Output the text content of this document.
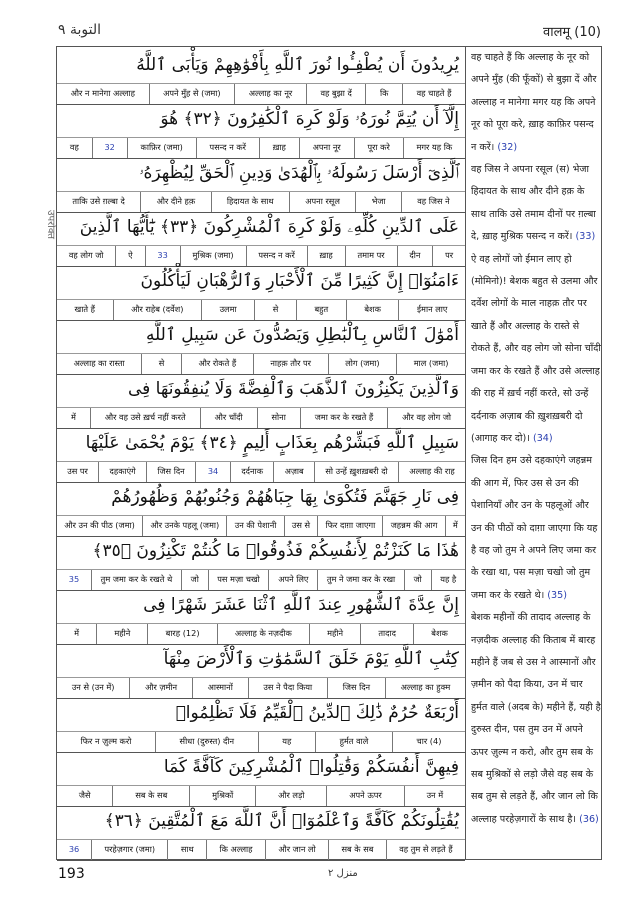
التوبة ٩	वालमू (10)
उपरोक्त
يُرِيدُونَ أَن يُطْفِـُٔوا نُورَ ٱللَّهِ بِأَفْوَٰهِهِمْ وَيَأْبَى ٱللَّهُ
वह चाहते हैं
कि
वह बुझा दें
अल्लाह का नूर
अपने मुँह से (जमा)
और न मानेगा अल्लाह
إِلَّآ أَن يُتِمَّ نُورَهُۥ وَلَوْ كَرِهَ ٱلْكَٰفِرُونَ ﴿٣٢﴾ هُوَ
मगर यह कि
पूरा करे
अपना नूर
ख़ाह
पसन्द न करें
काफ़िर (जमा)
32
वह
ٱلَّذِىٓ أَرْسَلَ رَسُولَهُۥ بِٱلْهُدَىٰ وَدِينِ ٱلْحَقِّ لِيُظْهِرَهُۥ
वह जिस ने
भेजा
अपना रसूल
हिदायत के साथ
और दीने हक़
ताकि उसे ग़ल्बा दे
عَلَى ٱلدِّينِ كُلِّهِۦ وَلَوْ كَرِهَ ٱلْمُشْرِكُونَ ﴿٣٣﴾ يَٰٓأَيُّهَا ٱلَّذِينَ
पर
दीन
तमाम पर
ख़ाह
पसन्द न करें
मुश्रिक (जमा)
33
ऐ
वह लोग जो
ءَامَنُوٓا۟ إِنَّ كَثِيرًا مِّنَ ٱلْأَحْبَارِ وَٱلرُّهْبَانِ لَيَأْكُلُونَ
ईमान लाए
बेशक
बहुत
से
उलमा
और राहेब (दर्वेश)
खाते हैं
أَمْوَٰلَ ٱلنَّاسِ بِٱلْبَٰطِلِ وَيَصُدُّونَ عَن سَبِيلِ ٱللَّهِ
माल (जमा)
लोग (जमा)
नाहक़ तौर पर
और रोकते हैं
से
अल्लाह का रास्ता
وَٱلَّذِينَ يَكْنِزُونَ ٱلذَّهَبَ وَٱلْفِضَّةَ وَلَا يُنفِقُونَهَا فِى
और वह लोग जो
जमा कर के रखते हैं
सोना
और चाँदी
और वह उसे ख़र्च नहीं करते
में
سَبِيلِ ٱللَّهِ فَبَشِّرْهُم بِعَذَابٍ أَلِيمٍ ﴿٣٤﴾ يَوْمَ يُحْمَىٰ عَلَيْهَا
अल्लाह की राह
सो उन्हें ख़ुशख़बरी दो
अज़ाब
दर्दनाक
34
जिस दिन
दहकाएंगे
उस पर
فِى نَارِ جَهَنَّمَ فَتُكْوَىٰ بِهَا جِبَاهُهُمْ وَجُنُوبُهُمْ وَظُهُورُهُمْ
में
जहन्नम की आग
फिर दाग़ा जाएगा
उस से
उन की पेशानी
और उनके पहलू (जमा)
और उन की पीठ (जमा)
هَٰذَا مَا كَنَزْتُمْ لِأَنفُسِكُمْ فَذُوقُوا۟ مَا كُنتُمْ تَكْنِزُونَ ﴿٣٥﴾
यह है
जो
तुम ने जमा कर के रखा
अपने लिए
पस मज़ा चखो
जो
तुम जमा कर के रखते थे
35
إِنَّ عِدَّةَ ٱلشُّهُورِ عِندَ ٱللَّهِ ٱثْنَا عَشَرَ شَهْرًا فِى
बेशक
तादाद
महीने
अल्लाह के नज़दीक
बारह (12)
महीने
में
كِتَٰبِ ٱللَّهِ يَوْمَ خَلَقَ ٱلسَّمَٰوَٰتِ وَٱلْأَرْضَ مِنْهَآ
अल्लाह का हुक्म
जिस दिन
उस ने पैदा किया
आस्मानों
और ज़मीन
उन से (उन में)
أَرْبَعَةٌ حُرُمٌ ذَٰلِكَ ٱلدِّينُ ٱلْقَيِّمُ فَلَا تَظْلِمُوا۟
चार (4)
हुर्मत वाले
यह
सीधा (दुरुस्त) दीन
फिर न ज़ुल्म करो
فِيهِنَّ أَنفُسَكُمْ وَقَٰتِلُوا۟ ٱلْمُشْرِكِينَ كَآفَّةً كَمَا
उन में
अपने ऊपर
और लड़ो
मुश्रिकों
सब के सब
जैसे
يُقَٰتِلُونَكُمْ كَآفَّةً وَٱعْلَمُوٓا۟ أَنَّ ٱللَّهَ مَعَ ٱلْمُتَّقِينَ ﴿٣٦﴾
वह तुम से लड़ते हैं
सब के सब
और जान लो
कि अल्लाह
साथ
परहेज़गार (जमा)
36
वह चाहते हैं कि अल्लाह के नूर को अपने मुँह (की फूँकों) से बुझा दें और अल्लाह न मानेगा मगर यह कि अपने नूर को पूरा करे, ख़ाह काफ़िर पसन्द न करें। (32)
वह जिस ने अपना रसूल (स) भेजा हिदायत के साथ और दीने हक़ के साथ ताकि उसे तमाम दीनों पर ग़ल्बा दे, ख़ाह मुश्रिक पसन्द न करें। (33)
ऐ वह लोगों जो ईमान लाए हो (मोमिनो)! बेशक बहुत से उलमा और दर्वेश लोगों के माल नाहक़ तौर पर खाते हैं और अल्लाह के रास्ते से रोकते हैं, और वह लोग जो सोना चाँदी जमा कर के रखते हैं और उसे अल्लाह की राह में ख़र्च नहीं करते, सो उन्हें दर्दनाक अज़ाब की ख़ुशख़बरी दो (आगाह कर दो)। (34)
जिस दिन हम उसे दहकाएंगे जहन्नम की आग में, फिर उस से उन की पेशानियाँ और उन के पहलूओं और उन की पीठों को दाग़ा जाएगा कि यह है वह जो तुम ने अपने लिए जमा कर के रखा था, पस मज़ा चखो जो तुम जमा कर के रखते थे। (35)
बेशक महीनों की तादाद अल्लाह के नज़दीक अल्लाह की किताब में बारह महीने हैं जब से उस ने आस्मानों और ज़मीन को पैदा किया, उन में चार हुर्मत वाले (अदब के) महीने हैं, यही है दुरुस्त दीन, पस तुम उन में अपने ऊपर ज़ुल्म न करो, और तुम सब के सब मुश्रिकों से लड़ो जैसे वह सब के सब तुम से लड़ते हैं, और जान लो कि अल्लाह परहेज़गारों के साथ है। (36)
193	منزل ٢
